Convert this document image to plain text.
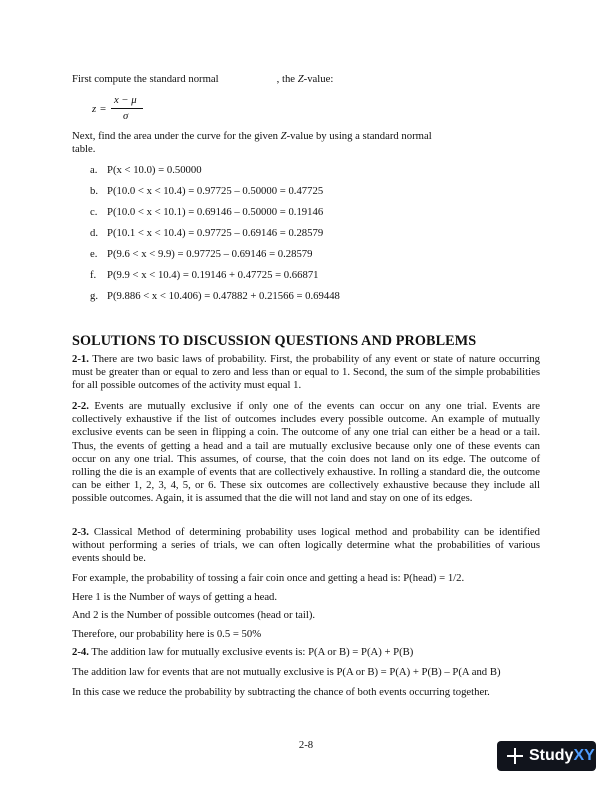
First compute the standard normal	, the Z-value:
z =
x − μ
σ
Next, find the area under the curve for the given Z-value by using a standard normal
table.
a. P(x < 10.0) = 0.50000
b. P(10.0 < x < 10.4) = 0.97725 – 0.50000 = 0.47725
c. P(10.0 < x < 10.1) = 0.69146 – 0.50000 = 0.19146
d. P(10.1 < x < 10.4) = 0.97725 – 0.69146 = 0.28579
e. P(9.6 < x < 9.9) = 0.97725 – 0.69146 = 0.28579
f. P(9.9 < x < 10.4) = 0.19146 + 0.47725 = 0.66871
g. P(9.886 < x < 10.406) = 0.47882 + 0.21566 = 0.69448
SOLUTIONS TO DISCUSSION QUESTIONS AND PROBLEMS
2-1. There are two basic laws of probability. First, the probability of any event or state of nature occurring must be greater than or equal to zero and less than or equal to 1. Second, the sum of the simple probabilities for all possible outcomes of the activity must equal 1.
2-2. Events are mutually exclusive if only one of the events can occur on any one trial. Events are collectively exhaustive if the list of outcomes includes every possible outcome. An example of mutually exclusive events can be seen in flipping a coin. The outcome of any one trial can either be a head or a tail. Thus, the events of getting a head and a tail are mutually exclusive because only one of these events can occur on any one trial. This assumes, of course, that the coin does not land on its edge. The outcome of rolling the die is an example of events that are collectively exhaustive. In rolling a standard die, the outcome can be either 1, 2, 3, 4, 5, or 6. These six outcomes are collectively exhaustive because they include all possible outcomes. Again, it is assumed that the die will not land and stay on one of its edges.
2-3. Classical Method of determining probability uses logical method and probability can be identified without performing a series of trials, we can often logically determine what the probabilities of various events should be.
For example, the probability of tossing a fair coin once and getting a head is: P(head) = 1/2.
Here 1 is the Number of ways of getting a head.
And 2 is the Number of possible outcomes (head or tail).
Therefore, our probability here is 0.5 = 50%
2-4. The addition law for mutually exclusive events is: P(A or B) = P(A) + P(B)
The addition law for events that are not mutually exclusive is P(A or B) = P(A) + P(B) – P(A and B)
In this case we reduce the probability by subtracting the chance of both events occurring together.
2-8
StudyXY
